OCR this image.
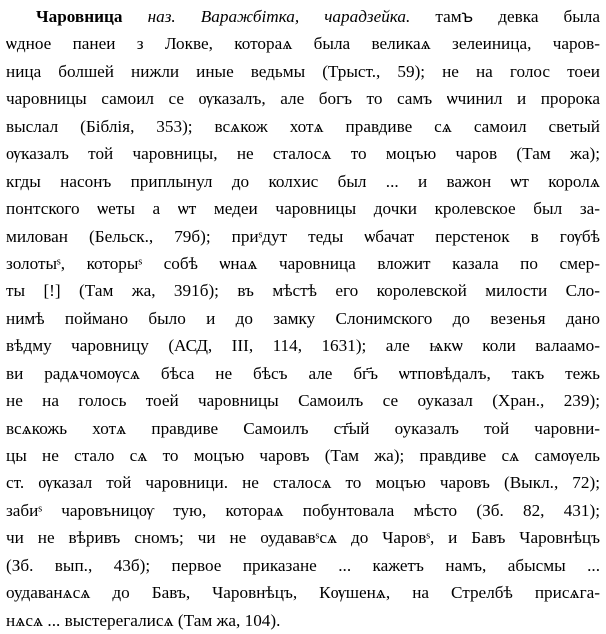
Чаровница наз. Варажбітка, чарадзейка. тамꙏ девка была
ѡдное панеи з Локве, котораѧ была великаѧ зелеиница, чаров-
ница болшей нижли иные ведьмы (Трыст., 59); не на голос тоеи
чаровницы самоил се ѹказалъ, але богъ то самъ ѡчинил и пророка
выслал (Біблія, 353); всѧкож хотѧ правдиве сѧ самоил светый
ѹказалъ той чаровницы, не сталосѧ то моцъю чаров (Там жа);
кгды насонъ приплынул до колхис был ... и важон ѡт королѧ
понтского ѡеты а ѡт медеи чаровницы дочки кролевское был за-
милован (Бельск., 79б); приˢдут теды ѡбачат перстенок в гѹбѣ
золотыˢ, которыˢ собѣ ѡнаѧ чаровница вложит казала по смер-
ты [!] (Там жа, 391б); въ мѣстѣ его королевской милости Сло-
нимѣ поймано было и до замку Слонимского до везенья дано
вѣдму чаровницу (АСД, III, 114, 1631); але ѩкѡ коли валаамо-
ви радѧчомѹсѧ бѣса не бѣсъ але бг҃ъ ѡтповѣдалъ, такъ тежь
не на голось тоей чаровницы Самоилъ се оуказал (Хран., 239);
всѧкожь хотѧ правдиве Самоилъ ст҃ый оуказалъ той чаровни-
цы не стало сѧ то моцъю чаровъ (Там жа); правдиве сѧ самѹель
ст. ѹказал той чаровници. не сталосѧ то моцъю чаровъ (Выкл., 72);
забиˢ чаровъницѹ тую, котораѧ побунтовала мѣсто (Зб. 82, 431);
чи не вѣривъ сномъ; чи не оудававˢсѧ до Чаровˢ, и Бавъ Чаровнѣцъ
(Зб. вып., 43б); первое приказане ... кажетъ намъ, абысмы ...
оудаванѧсѧ до Бавъ, Чаровнѣцъ, Кѹшенѧ, на Стрелбѣ присѧга-
нѧсѧ ... выстерегалисѧ (Там жа, 104).
